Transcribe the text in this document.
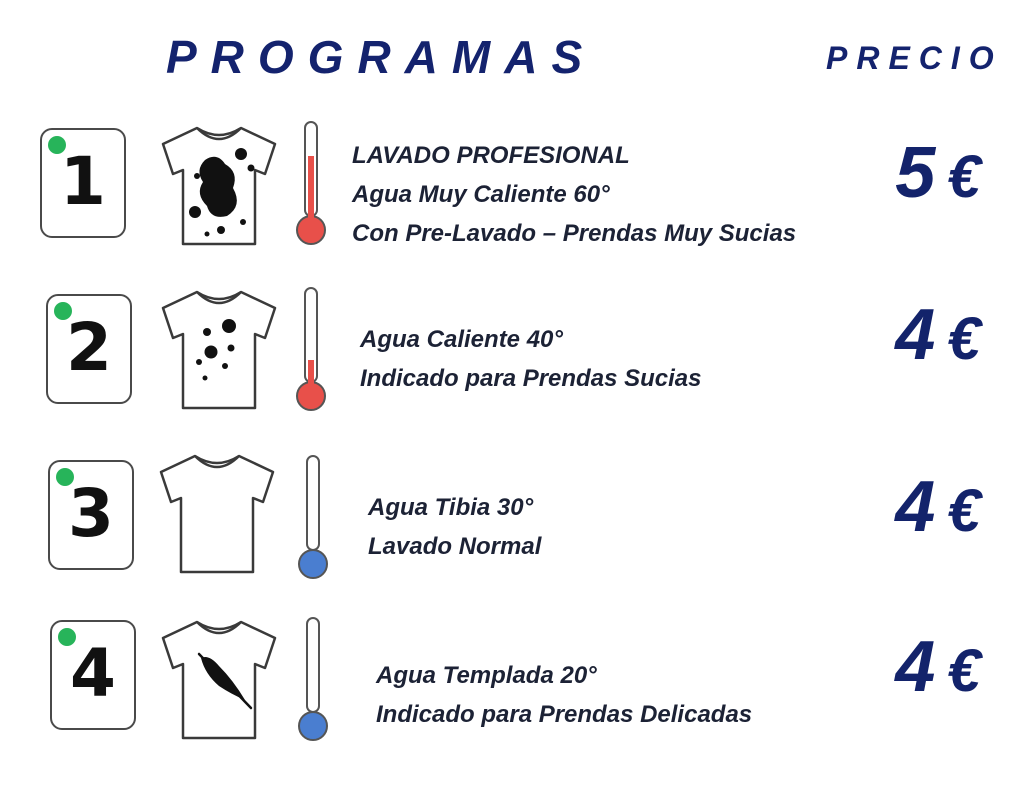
PROGRAMAS	PRECIO
1	LAVADO PROFESIONAL
Agua Muy Caliente 60°
Con Pre-Lavado – Prendas Muy Sucias
5 €
2	Agua Caliente 40°
Indicado para Prendas Sucias
4 €
3	Agua Tibia 30°
Lavado Normal	4 €
4	Agua Templada 20°
Indicado para Prendas Delicadas
4 €
